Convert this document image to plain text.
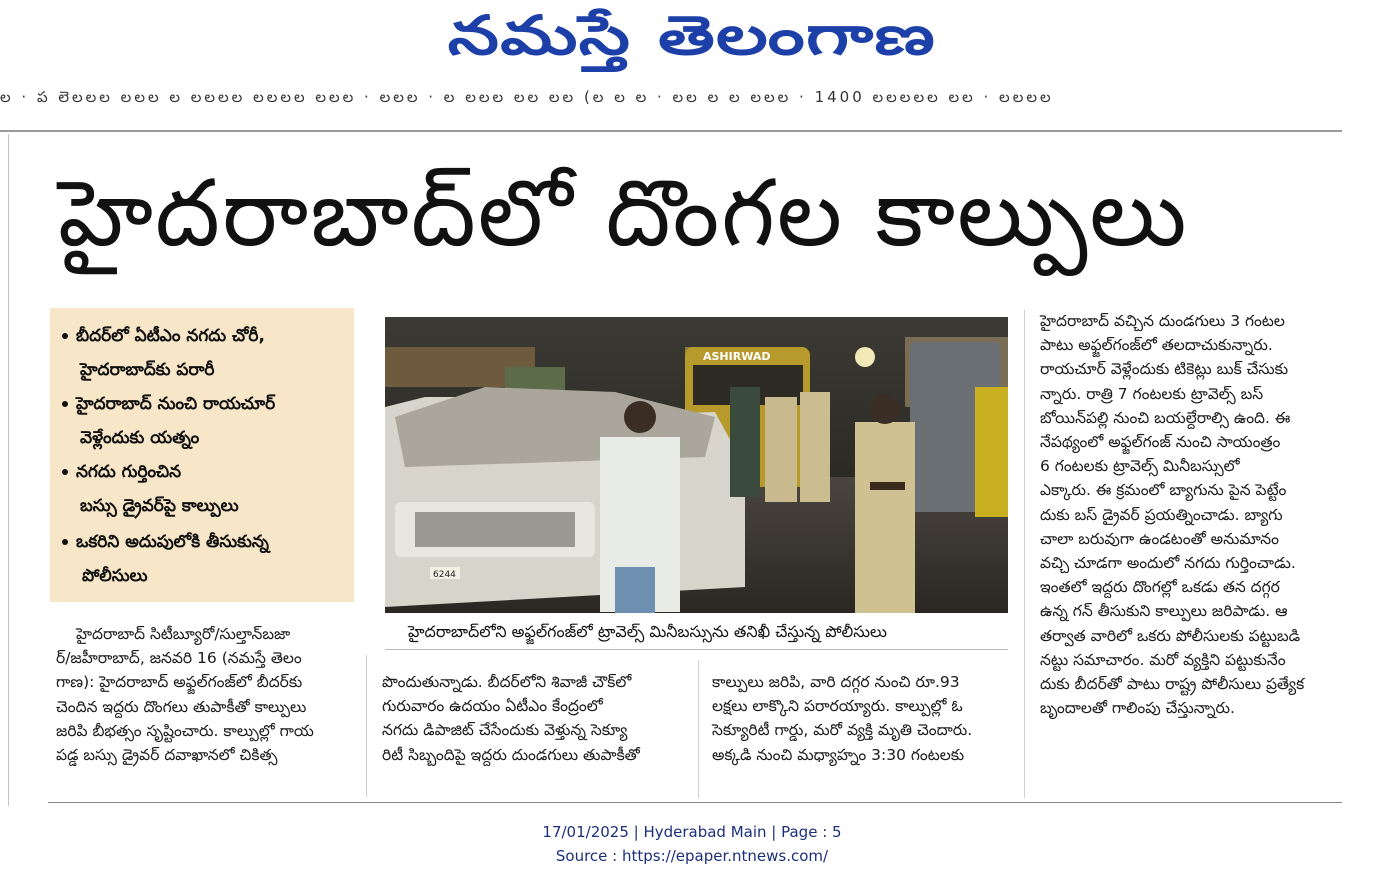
నమస్తే తెలంగాణ
ల · ప లెలలల లలల ల లలలల లలలల లలల · లలల · ల లలల లల లల (ల ల ల · లల ల ల లలల · 1400 లలలలల లల · లలలల
హైదరాబాద్‌లో దొంగల కాల్పులు
బీదర్‌లో ఏటీఎం నగదు చోరీ,
హైదరాబాద్‌కు పరారీ
హైదరాబాద్ నుంచి రాయచూర్
వెళ్లేందుకు యత్నం
నగదు గుర్తించిన
బస్సు డ్రైవర్‌పై కాల్పులు
ఒకరిని అదుపులోకి తీసుకున్న
పోలీసులు
ASHIRWAD
6244
హైదరాబాద్‌లోని అఫ్జల్‌గంజ్‌లో ట్రావెల్స్ మినీబస్సును తనిఖీ చేస్తున్న పోలీసులు
హైదరాబాద్ సిటీబ్యూరో/సుల్తాన్‌బజా
ర్/జహీరాబాద్, జనవరి 16 (నమస్తే తెలం
గాణ): హైదరాబాద్ అఫ్జల్‌గంజ్‌లో బీదర్‌కు
చెందిన ఇద్దరు దొంగలు తుపాకీతో కాల్పులు
జరిపి బీభత్సం సృష్టించారు. కాల్పుల్లో గాయ
పడ్డ బస్సు డ్రైవర్ దవాఖానలో చికిత్స
పొందుతున్నాడు. బీదర్‌లోని శివాజీ చౌక్‌లో
గురువారం ఉదయం ఏటీఎం కేంద్రంలో
నగదు డిపాజిట్ చేసేందుకు వెళ్తున్న సెక్యూ
రిటీ సిబ్బందిపై ఇద్దరు దుండగులు తుపాకీతో
కాల్పులు జరిపి, వారి దగ్గర నుంచి రూ.93
లక్షలు లాక్కొని పరారయ్యారు. కాల్పుల్లో ఓ
సెక్యూరిటీ గార్డు, మరో వ్యక్తి మృతి చెందారు.
అక్కడి నుంచి మధ్యాహ్నం 3:30 గంటలకు
హైదరాబాద్ వచ్చిన దుండగులు 3 గంటల
పాటు అఫ్జల్‌గంజ్‌లో తలదాచుకున్నారు.
రాయచూర్ వెళ్లేందుకు టికెట్లు బుక్ చేసుకు
న్నారు. రాత్రి 7 గంటలకు ట్రావెల్స్ బస్
బోయిన్‌పల్లి నుంచి బయల్దేరాల్సి ఉంది. ఈ
నేపథ్యంలో అఫ్జల్‌గంజ్ నుంచి సాయంత్రం
6 గంటలకు ట్రావెల్స్ మినీబస్సులో
ఎక్కారు. ఈ క్రమంలో బ్యాగును పైన పెట్టేం
దుకు బస్ డ్రైవర్ ప్రయత్నించాడు. బ్యాగు
చాలా బరువుగా ఉండటంతో అనుమానం
వచ్చి చూడగా అందులో నగదు గుర్తించాడు.
ఇంతలో ఇద్దరు దొంగల్లో ఒకడు తన దగ్గర
ఉన్న గన్ తీసుకుని కాల్పులు జరిపాడు. ఆ
తర్వాత వారిలో ఒకరు పోలీసులకు పట్టుబడి
నట్టు సమాచారం. మరో వ్యక్తిని పట్టుకునేం
దుకు బీదర్‌తో పాటు రాష్ట్ర పోలీసులు ప్రత్యేక
బృందాలతో గాలింపు చేస్తున్నారు.
17/01/2025 | Hyderabad Main | Page : 5
Source : https://epaper.ntnews.com/
